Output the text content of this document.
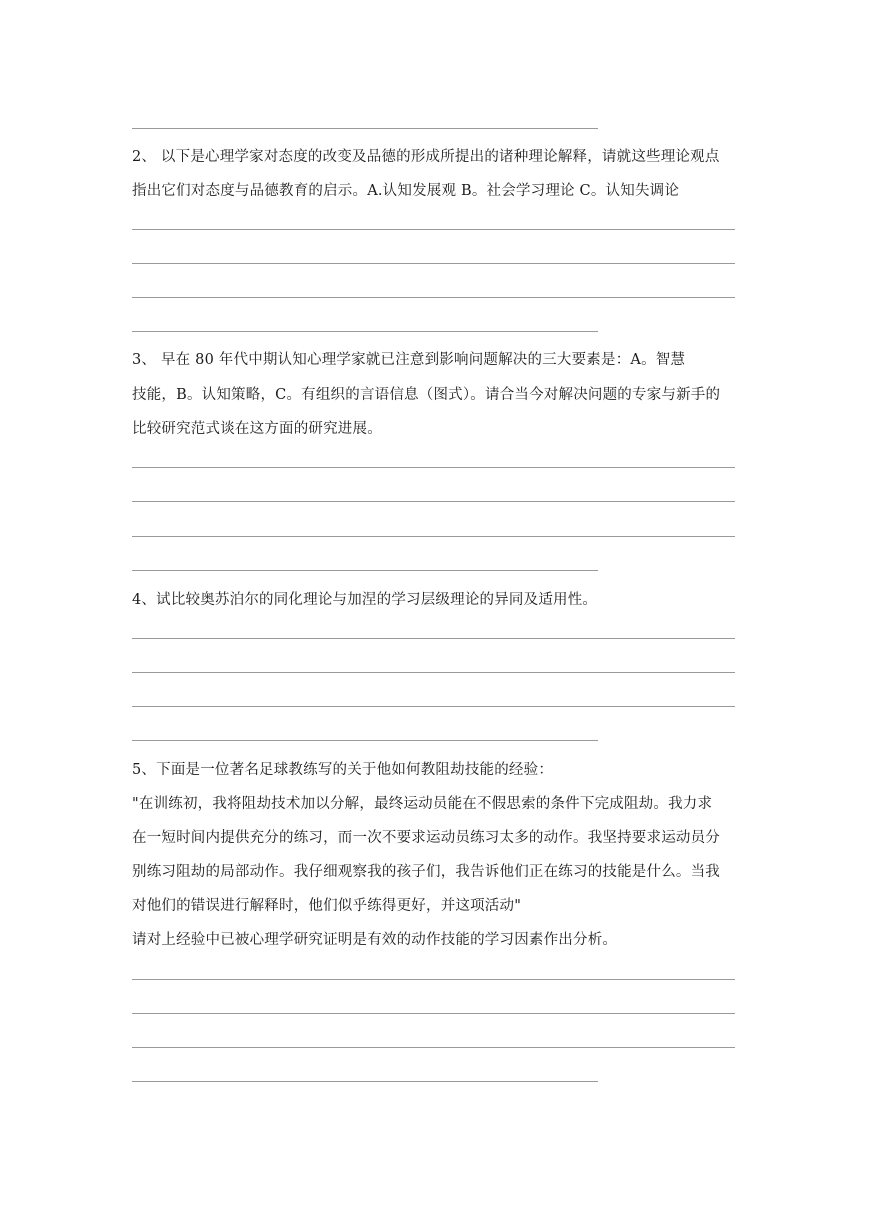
2、 以下是心理学家对态度的改变及品德的形成所提出的诸种理论解释，请就这些理论观点
指出它们对态度与品德教育的启示。A.认知发展观 B。社会学习理论 C。认知失调论
3、 早在 80 年代中期认知心理学家就已注意到影响问题解决的三大要素是：A。智慧
技能，B。认知策略，C。有组织的言语信息（图式）。请合当今对解决问题的专家与新手的
比较研究范式谈在这方面的研究进展。
4、试比较奥苏泊尔的同化理论与加涅的学习层级理论的异同及适用性。
5、下面是一位著名足球教练写的关于他如何教阻劫技能的经验：
"在训练初，我将阻劫技术加以分解，最终运动员能在不假思索的条件下完成阻劫。我力求
在一短时间内提供充分的练习，而一次不要求运动员练习太多的动作。我坚持要求运动员分
别练习阻劫的局部动作。我仔细观察我的孩子们，我告诉他们正在练习的技能是什么。当我
对他们的错误进行解释时，他们似乎练得更好，并这项活动"
请对上经验中已被心理学研究证明是有效的动作技能的学习因素作出分析。
